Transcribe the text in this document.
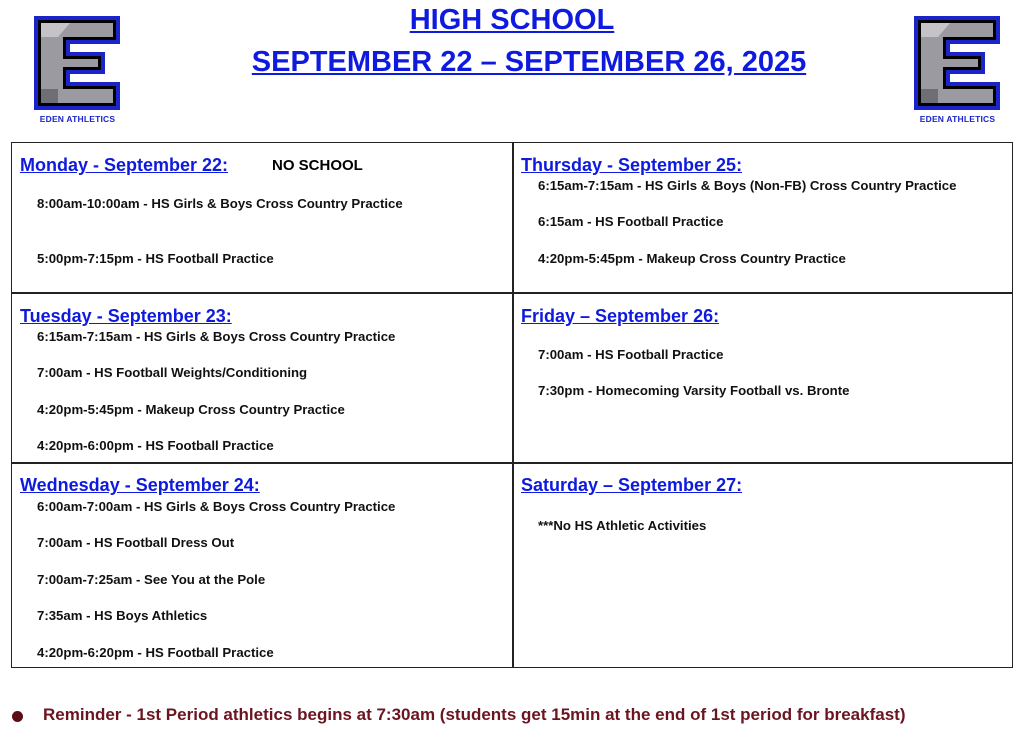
EDEN ATHLETICS
HIGH SCHOOL
SEPTEMBER 22 – SEPTEMBER 26, 2025
EDEN ATHLETICS
Monday - September 22:	NO SCHOOL
8:00am-10:00am - HS Girls & Boys Cross Country Practice
5:00pm-7:15pm - HS Football Practice
Thursday - September 25:
6:15am-7:15am - HS Girls & Boys (Non-FB) Cross Country Practice
6:15am - HS Football Practice
4:20pm-5:45pm - Makeup Cross Country Practice
Tuesday - September 23:
6:15am-7:15am - HS Girls & Boys Cross Country Practice
7:00am - HS Football Weights/Conditioning
4:20pm-5:45pm - Makeup Cross Country Practice
4:20pm-6:00pm - HS Football Practice
Friday – September 26:
7:00am - HS Football Practice
7:30pm - Homecoming Varsity Football vs. Bronte
Wednesday - September 24:
6:00am-7:00am - HS Girls & Boys Cross Country Practice
7:00am - HS Football Dress Out
7:00am-7:25am - See You at the Pole
7:35am - HS Boys Athletics
4:20pm-6:20pm - HS Football Practice
Saturday – September 27:
***No HS Athletic Activities
Reminder - 1st Period athletics begins at 7:30am (students get 15min at the end of 1st period for breakfast)
